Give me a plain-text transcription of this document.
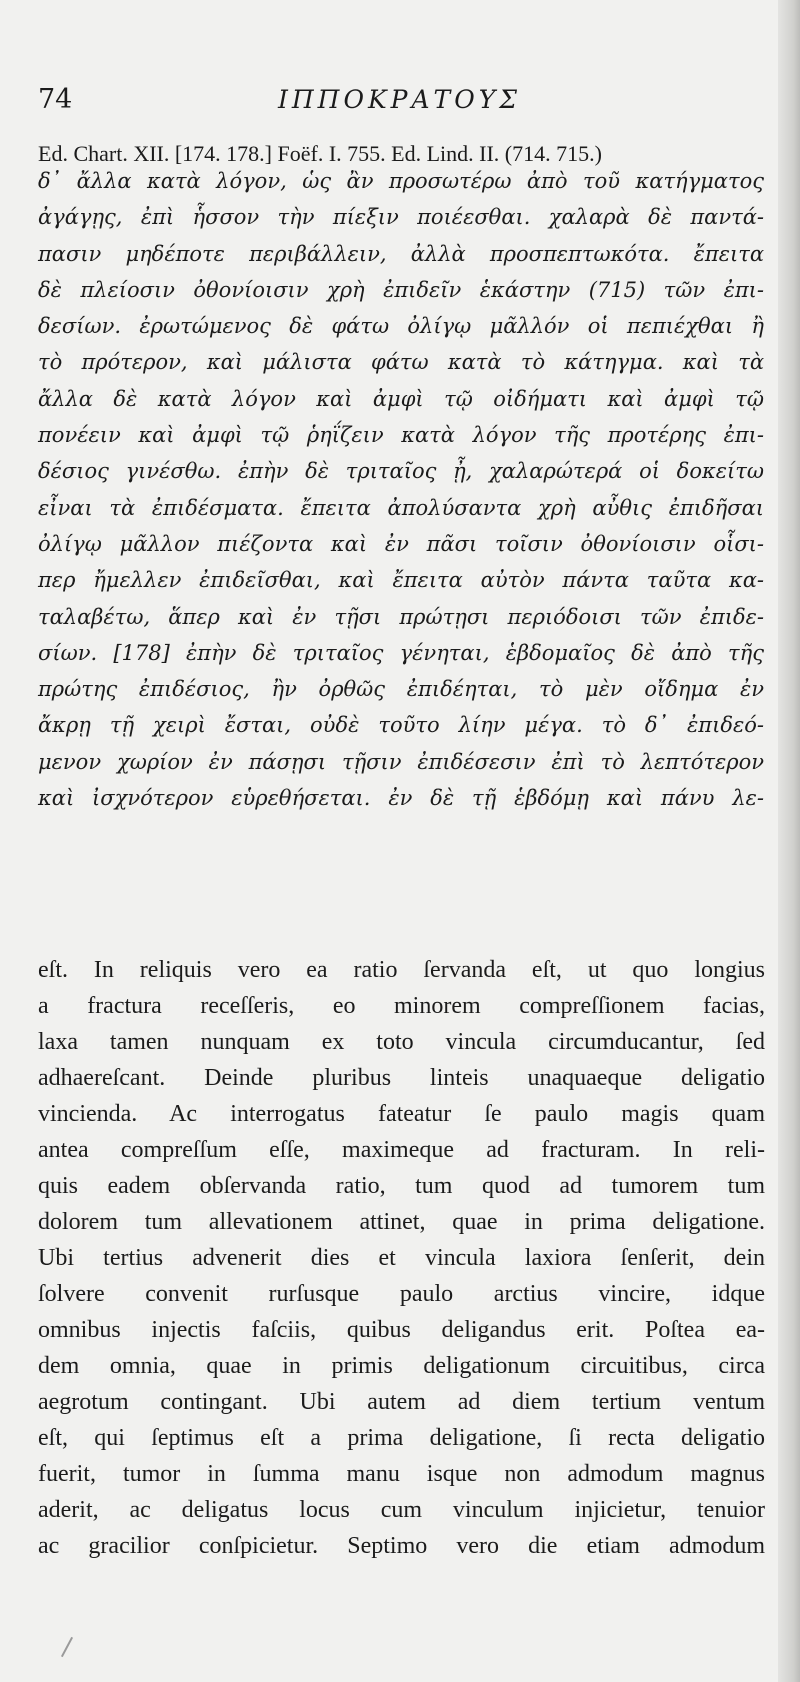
74	ΙΠΠΟΚΡΑΤΟΥΣ
Ed. Chart. XII. [174. 178.] Foëf. I. 755. Ed. Lind. II. (714. 715.)
δ᾽ ἄλλα κατὰ λόγον, ὡς ἂν προσωτέρω ἀπὸ τοῦ κατήγματος
ἀγάγῃς, ἐπὶ ἧσσον τὴν πίεξιν ποιέεσθαι. χαλαρὰ δὲ παντά-
πασιν μηδέποτε περιβάλλειν, ἀλλὰ προσπεπτωκότα. ἔπειτα
δὲ πλείοσιν ὀθονίοισιν χρὴ ἐπιδεῖν ἑκάστην (715) τῶν ἐπι-
δεσίων. ἐρωτώμενος δὲ φάτω ὀλίγῳ μᾶλλόν οἱ πεπιέχθαι ἢ
τὸ πρότερον, καὶ μάλιστα φάτω κατὰ τὸ κάτηγμα. καὶ τὰ
ἄλλα δὲ κατὰ λόγον καὶ ἀμφὶ τῷ οἰδήματι καὶ ἀμφὶ τῷ
πονέειν καὶ ἀμφὶ τῷ ῥηΐζειν κατὰ λόγον τῆς προτέρης ἐπι-
δέσιος γινέσθω. ἐπὴν δὲ τριταῖος ᾖ, χαλαρώτερά οἱ δοκείτω
εἶναι τὰ ἐπιδέσματα. ἔπειτα ἀπολύσαντα χρὴ αὖθις ἐπιδῆσαι
ὀλίγῳ μᾶλλον πιέζοντα καὶ ἐν πᾶσι τοῖσιν ὀθονίοισιν οἷσι-
περ ἤμελλεν ἐπιδεῖσθαι, καὶ ἔπειτα αὐτὸν πάντα ταῦτα κα-
ταλαβέτω, ἅπερ καὶ ἐν τῇσι πρώτῃσι περιόδοισι τῶν ἐπιδε-
σίων. [178] ἐπὴν δὲ τριταῖος γένηται, ἑβδομαῖος δὲ ἀπὸ τῆς
πρώτης ἐπιδέσιος, ἢν ὀρθῶς ἐπιδέηται, τὸ μὲν οἴδημα ἐν
ἄκρῃ τῇ χειρὶ ἔσται, οὐδὲ τοῦτο λίην μέγα. τὸ δ᾽ ἐπιδεό-
μενον χωρίον ἐν πάσῃσι τῇσιν ἐπιδέσεσιν ἐπὶ τὸ λεπτότερον
καὶ ἰσχνότερον εὑρεθήσεται. ἐν δὲ τῇ ἑβδόμῃ καὶ πάνυ λε-
eſt. In reliquis vero ea ratio ſervanda eſt, ut quo longius
a fractura receſſeris, eo minorem compreſſionem facias,
laxa tamen nunquam ex toto vincula circumducantur, ſed
adhaereſcant. Deinde pluribus linteis unaquaeque deligatio
vincienda. Ac interrogatus fateatur ſe paulo magis quam
antea compreſſum eſſe, maximeque ad fracturam. In reli-
quis eadem obſervanda ratio, tum quod ad tumorem tum
dolorem tum allevationem attinet, quae in prima deligatione.
Ubi tertius advenerit dies et vincula laxiora ſenſerit, dein
ſolvere convenit rurſusque paulo arctius vincire, idque
omnibus injectis faſciis, quibus deligandus erit. Poſtea ea-
dem omnia, quae in primis deligationum circuitibus, circa
aegrotum contingant. Ubi autem ad diem tertium ventum
eſt, qui ſeptimus eſt a prima deligatione, ſi recta deligatio
fuerit, tumor in ſumma manu isque non admodum magnus
aderit, ac deligatus locus cum vinculum injicietur, tenuior
ac gracilior conſpicietur. Septimo vero die etiam admodum
